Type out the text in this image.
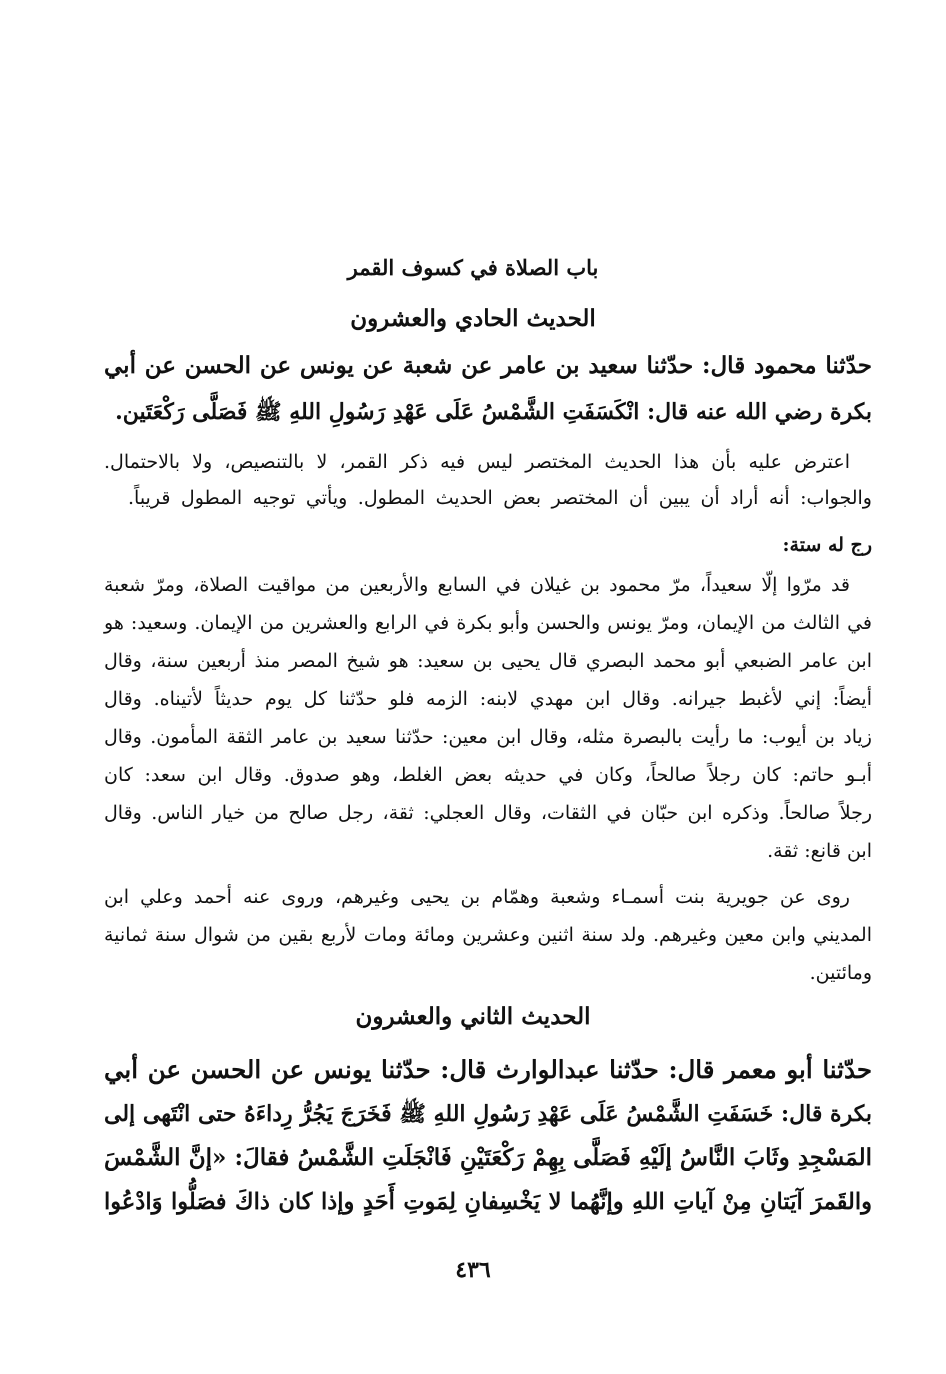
باب الصلاة في كسوف القمر
الحديث الحادي والعشرون
حدّثنا محمود قال: حدّثنا سعيد بن عامر عن شعبة عن يونس عن الحسن عن أبي
بكرة رضي الله عنه قال: انْكَسَفَتِ الشَّمْسُ عَلَى عَهْدِ رَسُولِ اللهِ ﷺ فَصَلَّى رَكْعَتَين.
اعترض عليه بأن هذا الحديث المختصر ليس فيه ذكر القمر، لا بالتنصيص، ولا بالاحتمال.
والجواب: أنه أراد أن يبين أن المختصر بعض الحديث المطول. ويأتي توجيه المطول قريباً.
رج له ستة:
قد مرّوا إلّا سعيداً، مرّ محمود بن غيلان في السابع والأربعين من مواقيت الصلاة، ومرّ شعبة
في الثالث من الإيمان، ومرّ يونس والحسن وأبو بكرة في الرابع والعشرين من الإيمان. وسعيد: هو
ابن عامر الضبعي أبو محمد البصري قال يحيى بن سعيد: هو شيخ المصر منذ أربعين سنة، وقال
أيضاً: إني لأغبط جيرانه. وقال ابن مهدي لابنه: الزمه فلو حدّثنا كل يوم حديثاً لأتيناه. وقال
زياد بن أيوب: ما رأيت بالبصرة مثله، وقال ابن معين: حدّثنا سعيد بن عامر الثقة المأمون. وقال
أبـو حاتم: كان رجلاً صالحاً، وكان في حديثه بعض الغلط، وهو صدوق. وقال ابن سعد: كان
رجلاً صالحاً. وذكره ابن حبّان في الثقات، وقال العجلي: ثقة، رجل صالح من خيار الناس. وقال
ابن قانع: ثقة.
روى عن جويرية بنت أسمـاء وشعبة وهمّام بن يحيى وغيرهم، وروى عنه أحمد وعلي ابن
المديني وابن معين وغيرهم. ولد سنة اثنين وعشرين ومائة ومات لأربع بقين من شوال سنة ثمانية
ومائتين.
الحديث الثاني والعشرون
حدّثنا أبو معمر قال: حدّثنا عبدالوارث قال: حدّثنا يونس عن الحسن عن أبي
بكرة قال: خَسَفَتِ الشَّمْسُ عَلَى عَهْدِ رَسُولِ اللهِ ﷺ فَخَرَجَ يَجُرُّ رِداءَهُ حتى انْتَهى إلى
المَسْجِدِ وثَابَ النَّاسُ إلَيْهِ فَصَلَّى بِهِمْ رَكْعَتَيْنِ فَانْجَلَتِ الشَّمْسُ فقالَ: «إنَّ الشَّمْسَ
والقَمرَ آيَتانِ مِنْ آياتِ اللهِ وإنَّهُما لا يَخْسِفانِ لِمَوتِ أَحَدٍ وإذا كان ذاكَ فصَلُّوا وَادْعُوا
٤٣٦
